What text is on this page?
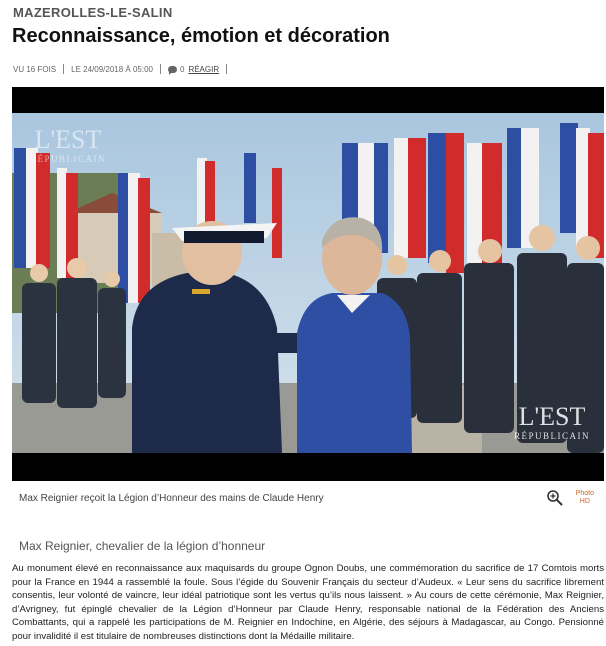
MAZEROLLES-LE-SALIN
Reconnaissance, émotion et décoration
VU 16 FOIS LE 24/09/2018 À 05:00	0 RÉAGIR
L'EST
RÉPUBLICAIN
L'EST
RÉPUBLICAIN
Max Reignier reçoit la Légion d’Honneur des mains de Claude Henry	Photo
HD
Max Reignier, chevalier de la légion d’honneur
Au monument élevé en reconnaissance aux maquisards du groupe Ognon Doubs, une commémoration du sacrifice de 17 Comtois morts pour la France en 1944 a rassemblé la foule. Sous l’égide du Souvenir Français du secteur d’Audeux. « Leur sens du sacrifice librement consentis, leur volonté de vaincre, leur idéal patriotique sont les vertus qu’ils nous laissent. » Au cours de cette cérémonie, Max Reignier, d’Avrigney, fut épinglé chevalier de la Légion d’Honneur par Claude Henry, responsable national de la Fédération des Anciens Combattants, qui a rappelé les participations de M. Reignier en Indochine, en Algérie, des séjours à Madagascar, au Congo. Pensionné pour invalidité il est titulaire de nombreuses distinctions dont la Médaille militaire.
